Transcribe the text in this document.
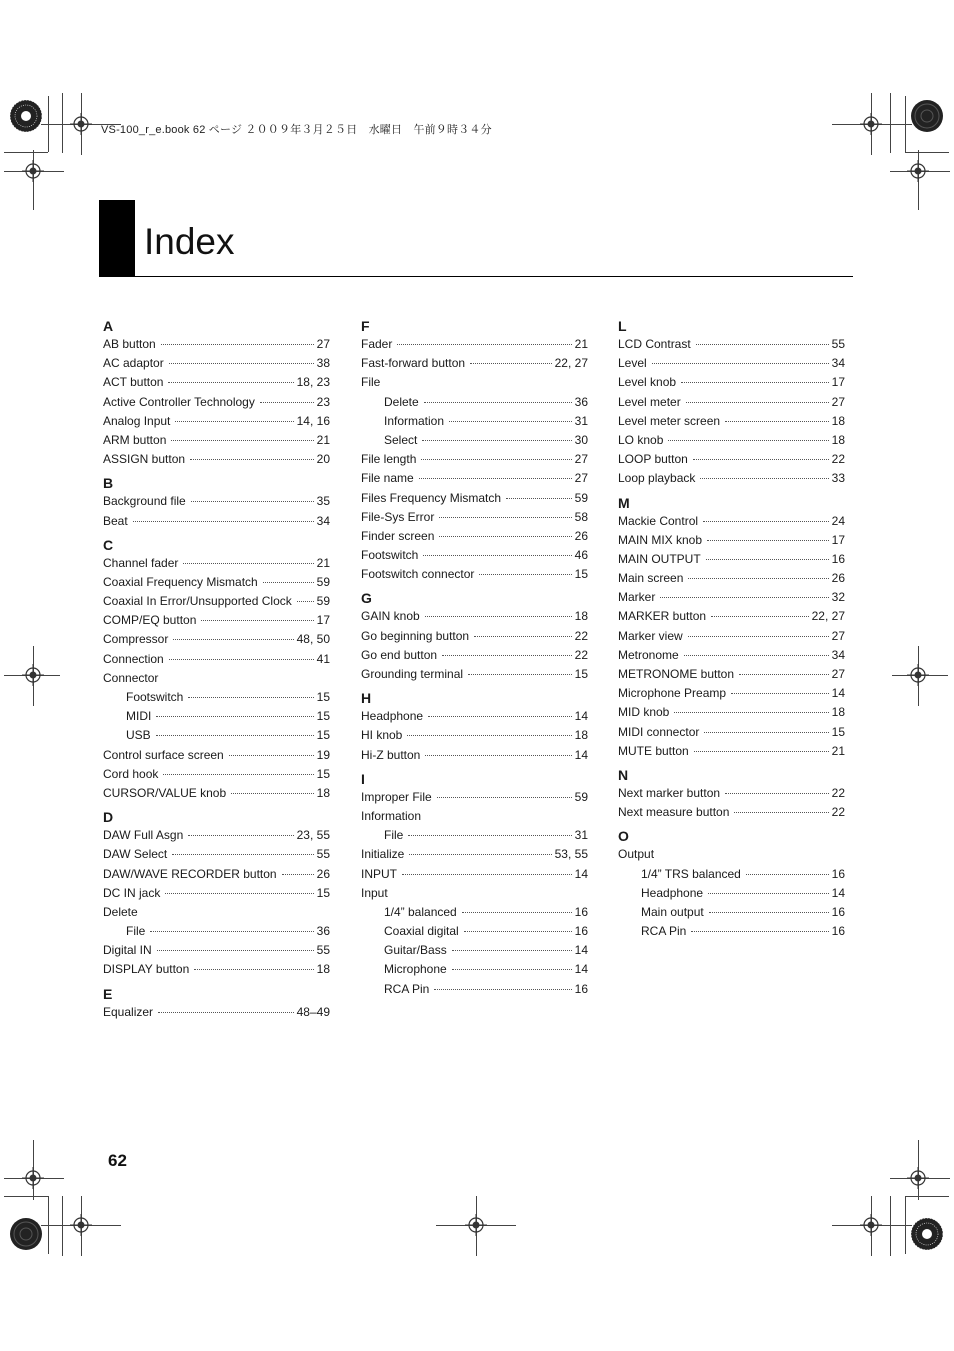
VS-100_r_e.book 62 ページ ２００９年３月２５日　水曜日　午前９時３４分
Index
A
AB button	27
AC adaptor	38
ACT button	18, 23
Active Controller Technology	23
Analog Input	14, 16
ARM button	21
ASSIGN button	20
B
Background file	35
Beat	34
C
Channel fader	21
Coaxial Frequency Mismatch	59
Coaxial In Error/Unsupported Clock 59
COMP/EQ button	17
Compressor	48, 50
Connection	41
Connector
Footswitch	15
MIDI	15
USB	15
Control surface screen	19
Cord hook	15
CURSOR/VALUE knob	18
D
DAW Full Asgn	23, 55
DAW Select	55
DAW/WAVE RECORDER button	26
DC IN jack	15
Delete
File	36
Digital IN	55
DISPLAY button	18
E
Equalizer	48–49
F
Fader	21
Fast-forward button	22, 27
File
Delete	36
Information	31
Select	30
File length	27
File name	27
Files Frequency Mismatch	59
File-Sys Error	58
Finder screen	26
Footswitch	46
Footswitch connector	15
G
GAIN knob	18
Go beginning button	22
Go end button	22
Grounding terminal	15
H
Headphone	14
HI knob	18
Hi-Z button	14
I
Improper File	59
Information
File	31
Initialize	53, 55
INPUT	14
Input
1/4” balanced	16
Coaxial digital	16
Guitar/Bass	14
Microphone	14
RCA Pin	16
L
LCD Contrast	55
Level	34
Level knob	17
Level meter	27
Level meter screen	18
LO knob	18
LOOP button	22
Loop playback	33
M
Mackie Control	24
MAIN MIX knob	17
MAIN OUTPUT	16
Main screen	26
Marker	32
MARKER button	22, 27
Marker view	27
Metronome	34
METRONOME button	27
Microphone Preamp	14
MID knob	18
MIDI connector	15
MUTE button	21
N
Next marker button	22
Next measure button	22
O
Output
1/4” TRS balanced	16
Headphone	14
Main output	16
RCA Pin	16
62
